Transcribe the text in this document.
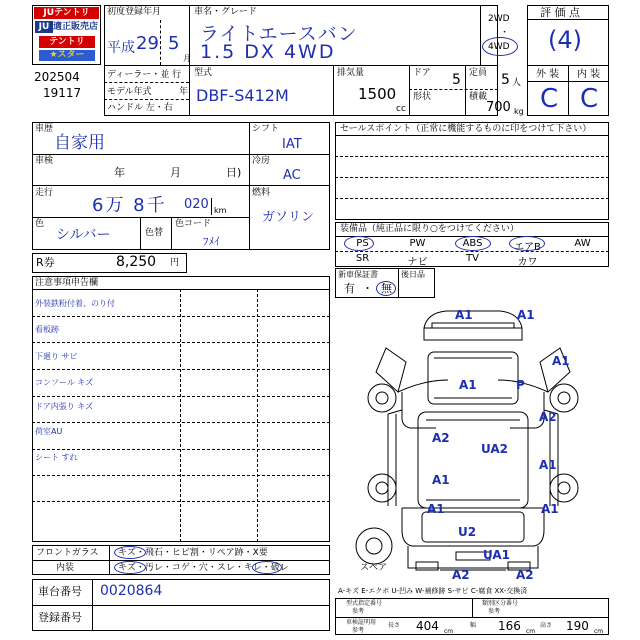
JUテントリ
JU 適正販売店
テントリ
★スター
202504
19117
初度登録年月
平成 29 5
月
車名・グレード
ライトエースバン
1.5 DX 4WD
2WD
・
4WD
評 価 点
(4)
外 装 内 装
C C
ディーラー・並 行
モデル年式	年
ハンドル 左・右
型式
DBF-S412M
排気量
1500
cc
ドア 5 定員 5 人
形状	積載
700 kg
車歴
自家用
車検
年	月	日)
走行
6万 8千 020 km
色
シルバー	色替
色コード
ﾌﾒｲ
シフト
IAT
冷房
AC
燃料
ガソリン
R券	8,250 円
セールスポイント（正常に機能するものに印をつけて下さい）
装備品（純正品に限り○をつけてください）
PS	PW	ABS	エアB	AW
SR	ナビ	TV	カワ
新車保証書	後日品
有 ・ 無
注意事項申告欄
外装鉄粉付着、のり付
看板跡
下廻り サビ
コンソール キズ
ドア内張り キズ
荷室AU
シート すれ
A1	A1
A1
A1	P
A2
A2
UA2
A1
A1
A1	A1
U2
UA1
A2	A2
スペア
フロントガラス キズ・飛石・ヒビ割・リペア跡・X要
内装	キズ・汚レ・コゲ・穴・スレ・キレ・破レ
車台番号 0020864
登録番号
A-キズ E-エクボ U-凹み W-補修跡 S-サビ C-腐食 XX-交換済
型式指定番号
参考
類別区分番号
参考
車検証明用
参考
長さ 404 cm
幅 166 cm
高さ 190 cm
